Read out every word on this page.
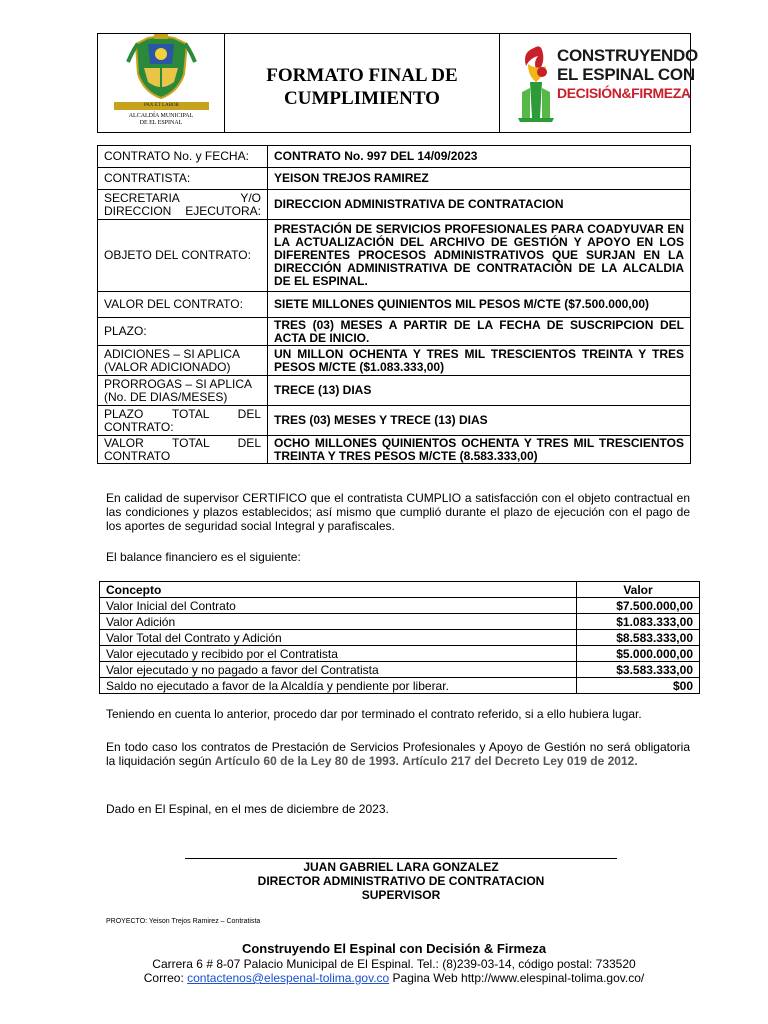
PAX ET LABOR
ALCALDÍA MUNICIPAL
DE EL ESPINAL
FORMATO FINAL DE
CUMPLIMIENTO
CONSTRUYENDO
EL ESPINAL CON
DECISIÓN&FIRMEZA
CONTRATO No. y FECHA:	CONTRATO No. 997 DEL 14/09/2023
CONTRATISTA:	YEISON TREJOS RAMIREZ
SECRETARIA Y/O DIRECCION EJECUTORA:	DIRECCION ADMINISTRATIVA DE CONTRATACION
OBJETO DEL CONTRATO:	PRESTACIÓN DE SERVICIOS PROFESIONALES PARA COADYUVAR EN LA ACTUALIZACIÓN DEL ARCHIVO DE GESTIÓN Y APOYO EN LOS DIFERENTES PROCESOS ADMINISTRATIVOS QUE SURJAN EN LA DIRECCIÓN ADMINISTRATIVA DE CONTRATACIÓN DE LA ALCALDIA DE EL ESPINAL.
VALOR DEL CONTRATO:	SIETE MILLONES QUINIENTOS MIL PESOS M/CTE ($7.500.000,00)
PLAZO:	TRES (03) MESES A PARTIR DE LA FECHA DE SUSCRIPCION DEL ACTA DE INICIO.
ADICIONES – SI APLICA (VALOR ADICIONADO)	UN MILLON OCHENTA Y TRES MIL TRESCIENTOS TREINTA Y TRES PESOS M/CTE ($1.083.333,00)
PRORROGAS – SI APLICA (No. DE DIAS/MESES)	TRECE (13) DIAS
PLAZO TOTAL DEL CONTRATO:	TRES (03) MESES Y TRECE (13) DIAS
VALOR TOTAL DEL CONTRATO	OCHO MILLONES QUINIENTOS OCHENTA Y TRES MIL TRESCIENTOS TREINTA Y TRES PESOS M/CTE (8.583.333,00)
En calidad de supervisor CERTIFICO que el contratista CUMPLIO a satisfacción con el objeto contractual en las condiciones y plazos establecidos; así mismo que cumplió durante el plazo de ejecución con el pago de los aportes de seguridad social Integral y parafiscales.
El balance financiero es el siguiente:
Concepto	Valor
Valor Inicial del Contrato	$7.500.000,00
Valor Adición	$1.083.333,00
Valor Total del Contrato y Adición	$8.583.333,00
Valor ejecutado y recibido por el Contratista	$5.000.000,00
Valor ejecutado y no pagado a favor del Contratista	$3.583.333,00
Saldo no ejecutado a favor de la Alcaldía y pendiente por liberar.	$00
Teniendo en cuenta lo anterior, procedo dar por terminado el contrato referido, si a ello hubiera lugar.
En todo caso los contratos de Prestación de Servicios Profesionales y Apoyo de Gestión no será obligatoria la liquidación según Artículo 60 de la Ley 80 de 1993. Artículo 217 del Decreto Ley 019 de 2012.
Dado en El Espinal, en el mes de diciembre de 2023.
JUAN GABRIEL LARA GONZALEZ
DIRECTOR ADMINISTRATIVO DE CONTRATACION
SUPERVISOR
PROYECTO: Yeison Trejos Ramirez – Contratista
Construyendo El Espinal con Decisión & Firmeza
Carrera 6 # 8-07 Palacio Municipal de El Espinal. Tel.: (8)239-03-14, código postal: 733520
Correo: contactenos@elespenal-tolima.gov.co Pagina Web http://www.elespinal-tolima.gov.co/
